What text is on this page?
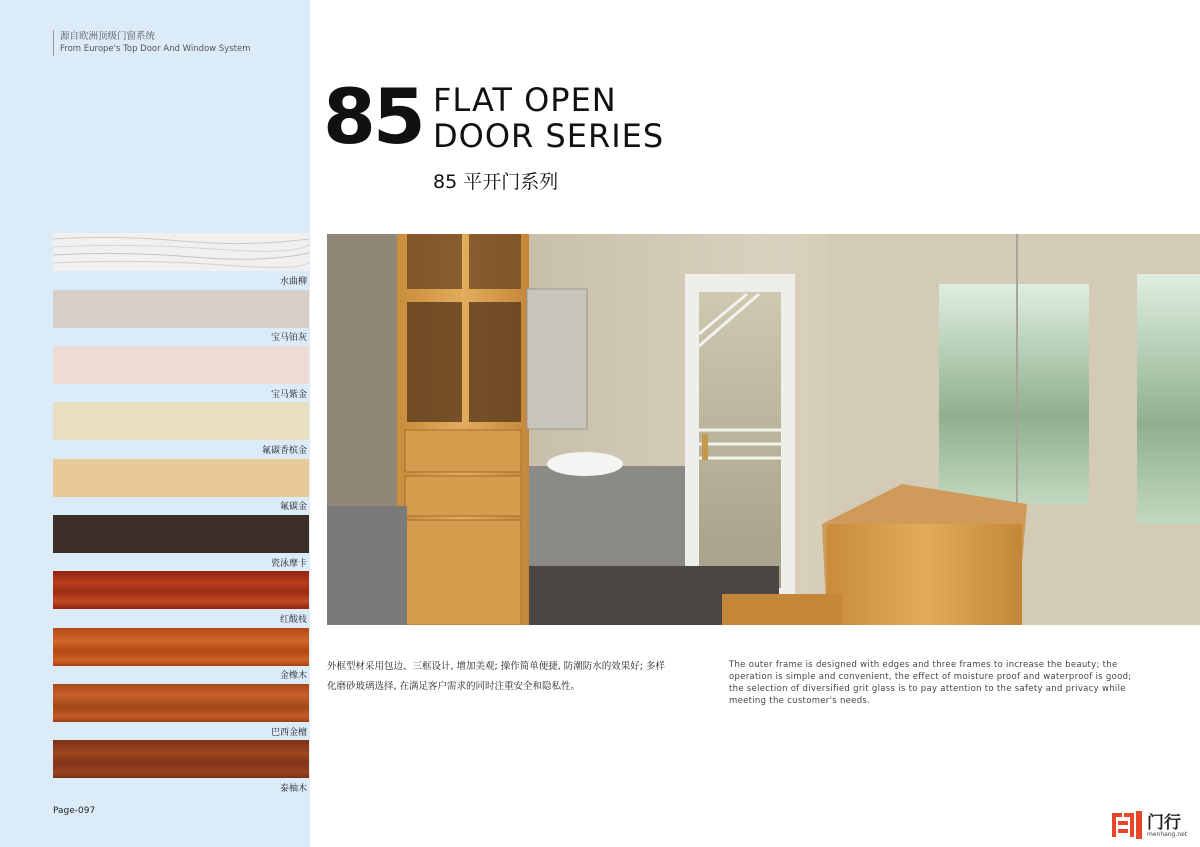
源自欧洲顶级门窗系统
From Europe's Top Door And Window System
水曲柳
宝马铂灰
宝马紫金
氟碳香槟金
氟碳金
瓷泳摩卡
红酸枝
金橡木
巴西金檀
泰柚木
Page-097
85 FLAT OPEN
DOOR SERIES
85 平开门系列
外框型材采用包边、三框设计, 增加美观; 操作简单便捷, 防潮防水的效果好; 多样
化磨砂玻璃选择, 在满足客户需求的同时注重安全和隐私性。
The outer frame is designed with edges and three frames to increase the beauty; the operation is simple and convenient, the effect of moisture proof and waterproof is good; the selection of diversified grit glass is to pay attention to the safety and privacy while meeting the customer's needs.
门行
menhang.net
